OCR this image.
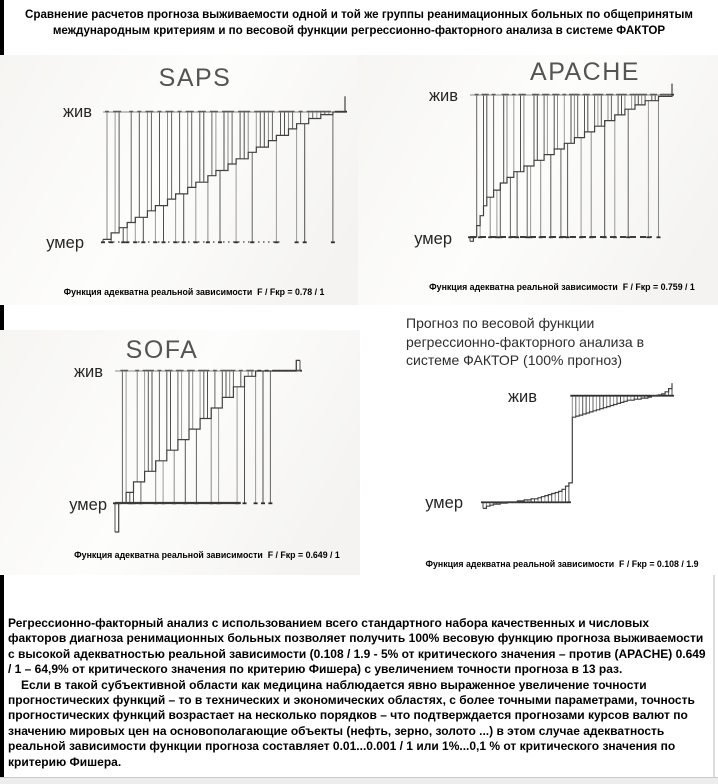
Сравнение расчетов прогноза выживаемости одной и той же группы реанимационных больных по общепринятым международным критериям и по весовой функции регрессионно-факторного анализа в системе ФАКТОР
SAPS
жив
умер
Функция адекватна реальной зависимости  F / Fкр = 0.78 / 1
APACHE
жив
умер
Функция адекватна реальной зависимости  F / Fкр = 0.759 / 1
SOFA
жив
умер
Функция адекватна реальной зависимости  F / Fкр = 0.649 / 1
Прогноз по весовой функции регрессионно-факторного анализа в системе ФАКТОР (100% прогноз)
жив
умер
Функция адекватна реальной зависимости  F / Fкр = 0.108 / 1.9

Регрессионно-факторный анализ с использованием всего стандартного набора качественных и числовых факторов диагноза ренимационных больных позволяет получить 100% весовую функцию прогноза выживаемости с высокой адекватностью реальной зависимости (0.108 / 1.9 - 5% от критического значения – против (APACHE) 0.649 / 1 – 64,9% от критического значения по критерию Фишера) с увеличением точности прогноза в 13 раз.

Если в такой субъективной области как медицина наблюдается явно выраженное увеличение точности прогностических функций – то в технических и экономических областях, с более точными параметрами, точность прогностических функций возрастает на несколько порядков – что подтверждается прогнозами курсов валют по значению мировых цен на основополагающие объекты (нефть, зерно, золото ...) в этом случае адекватность реальной зависимости функции прогноза составляет 0.01...0.001 / 1 или 1%...0,1 % от критического значения по критерию Фишера.
